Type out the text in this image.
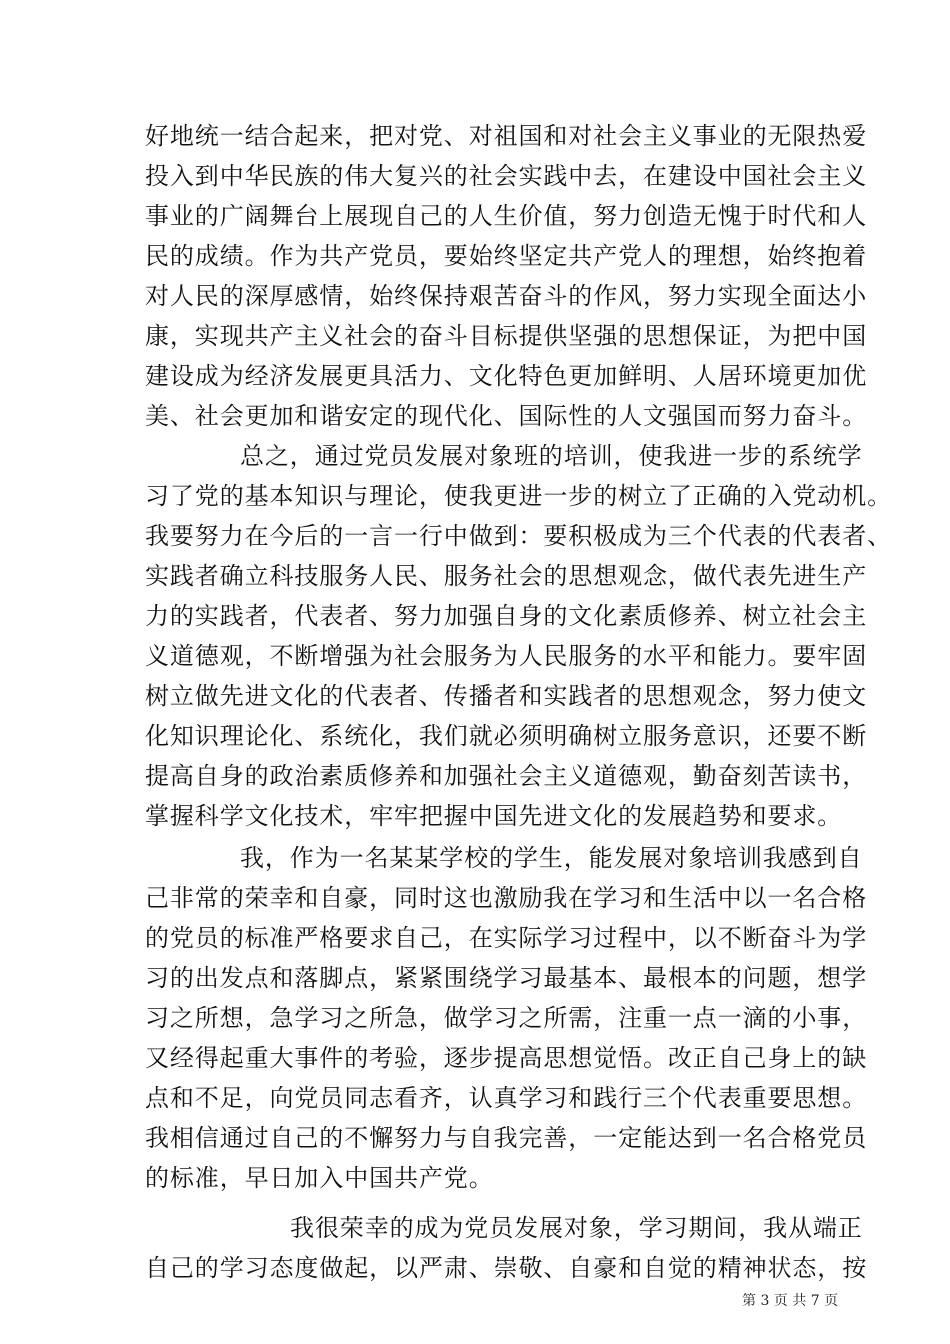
好地统一结合起来，把对党、对祖国和对社会主义事业的无限热爱
投入到中华民族的伟大复兴的社会实践中去，在建设中国社会主义
事业的广阔舞台上展现自己的人生价值，努力创造无愧于时代和人
民的成绩。作为共产党员，要始终坚定共产党人的理想，始终抱着
对人民的深厚感情，始终保持艰苦奋斗的作风，努力实现全面达小
康，实现共产主义社会的奋斗目标提供坚强的思想保证，为把中国
建设成为经济发展更具活力、文化特色更加鲜明、人居环境更加优
美、社会更加和谐安定的现代化、国际性的人文强国而努力奋斗。
总之，通过党员发展对象班的培训，使我进一步的系统学
习了党的基本知识与理论，使我更进一步的树立了正确的入党动机。
我要努力在今后的一言一行中做到：要积极成为三个代表的代表者、
实践者确立科技服务人民、服务社会的思想观念，做代表先进生产
力的实践者，代表者、努力加强自身的文化素质修养、树立社会主
义道德观，不断增强为社会服务为人民服务的水平和能力。要牢固
树立做先进文化的代表者、传播者和实践者的思想观念，努力使文
化知识理论化、系统化，我们就必须明确树立服务意识，还要不断
提高自身的政治素质修养和加强社会主义道德观，勤奋刻苦读书，
掌握科学文化技术，牢牢把握中国先进文化的发展趋势和要求。
我，作为一名某某学校的学生，能发展对象培训我感到自
己非常的荣幸和自豪，同时这也激励我在学习和生活中以一名合格
的党员的标准严格要求自己，在实际学习过程中，以不断奋斗为学
习的出发点和落脚点，紧紧围绕学习最基本、最根本的问题，想学
习之所想，急学习之所急，做学习之所需，注重一点一滴的小事，
又经得起重大事件的考验，逐步提高思想觉悟。改正自己身上的缺
点和不足，向党员同志看齐，认真学习和践行三个代表重要思想。
我相信通过自己的不懈努力与自我完善，一定能达到一名合格党员
的标准，早日加入中国共产党。
我很荣幸的成为党员发展对象，学习期间，我从端正
自己的学习态度做起，以严肃、崇敬、自豪和自觉的精神状态，按
第 3 页 共 7 页
